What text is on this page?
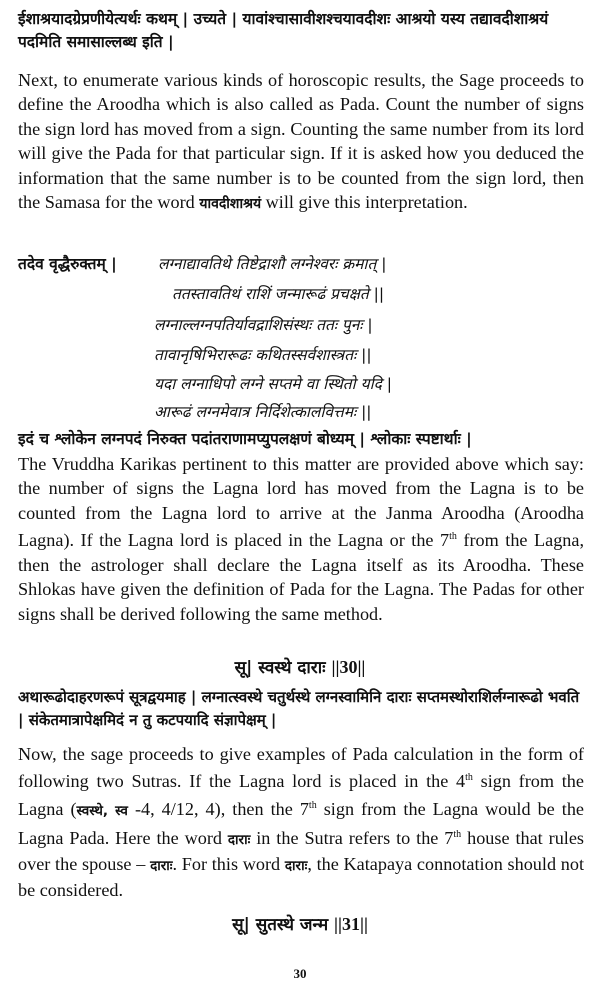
ईशाश्रयादग्रेप्रणीयेत्यर्थः कथम् | उच्यते | यावांश्चासावीशश्चयावदीशः आश्रयो यस्य तद्यावदीशाश्रयं पदमिति समासाल्लब्ध इति |

Next, to enumerate various kinds of horoscopic results, the Sage proceeds to define the Aroodha which is also called as Pada. Count the number of signs the sign lord has moved from a sign. Counting the same number from its lord will give the Pada for that particular sign. If it is asked how you deduced the information that the same number is to be counted from the sign lord, then the Samasa for the word यावदीशाश्रयं will give this interpretation.

तदेव वृद्धैरुक्तम् |	लग्नाद्यावतिथे तिष्टेद्राशौ लग्नेश्वरः क्रमात् |
ततस्तावतिथं राशिं जन्मारूढं प्रचक्षते ||
लग्नाल्लग्नपतिर्यावद्राशिसंस्थः ततः पुनः |
तावानृषिभिरारूढः कथितस्सर्वशास्त्रतः ||
यदा लग्नाधिपो लग्ने सप्तमे वा स्थितो यदि |
आरूढं लग्नमेवात्र निर्दिशेत्कालवित्तमः ||
इदं च श्लोकेन लग्नपदं निरुक्त पदांतराणामप्युपलक्षणं बोध्यम् | श्लोकाः स्पष्टार्थाः |

The Vruddha Karikas pertinent to this matter are provided above which say: the number of signs the Lagna lord has moved from the Lagna is to be counted from the Lagna lord to arrive at the Janma Aroodha (Aroodha Lagna). If the Lagna lord is placed in the Lagna or the 7th from the Lagna, then the astrologer shall declare the Lagna itself as its Aroodha. These Shlokas have given the definition of Pada for the Lagna. The Padas for other signs shall be derived following the same method.

सू| स्वस्थे दाराः ||30||
अथारूढोदाहरणरूपं सूत्रद्वयमाह | लग्नात्स्वस्थे चतुर्थस्थे लग्नस्वामिनि दाराः सप्तमस्थोराशिर्लग्नारूढो भवति | संकेतमात्रापेक्षमिदं न तु कटपयादि संज्ञापेक्षम् |

Now, the sage proceeds to give examples of Pada calculation in the form of following two Sutras. If the Lagna lord is placed in the 4th sign from the Lagna (स्वस्थे, स्व -4, 4/12, 4), then the 7th sign from the Lagna would be the Lagna Pada. Here the word दाराः in the Sutra refers to the 7th house that rules over the spouse – दाराः. For this word दाराः, the Katapaya connotation should not be considered.

सू| सुतस्थे जन्म ||31||
30
